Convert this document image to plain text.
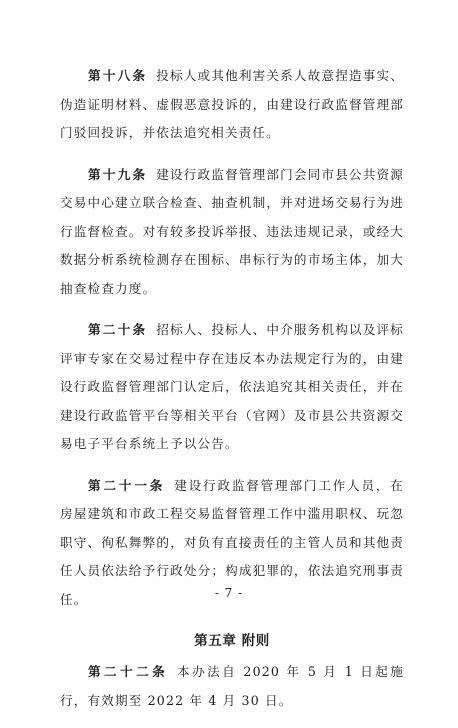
第十八条 投标人或其他利害关系人故意捏造事实、伪造证明材料、虚假恶意投诉的，由建设行政监督管理部门驳回投诉，并依法追究相关责任。

第十九条 建设行政监督管理部门会同市县公共资源交易中心建立联合检查、抽查机制，并对进场交易行为进行监督检查。对有较多投诉举报、违法违规记录，或经大数据分析系统检测存在围标、串标行为的市场主体，加大抽查检查力度。

第二十条 招标人、投标人、中介服务机构以及评标评审专家在交易过程中存在违反本办法规定行为的，由建设行政监督管理部门认定后，依法追究其相关责任，并在建设行政监管平台等相关平台（官网）及市县公共资源交易电子平台系统上予以公告。

第二十一条 建设行政监督管理部门工作人员，在房屋建筑和市政工程交易监督管理工作中滥用职权、玩忽职守、徇私舞弊的，对负有直接责任的主管人员和其他责任人员依法给予行政处分；构成犯罪的，依法追究刑事责任。

第五章 附则

第二十二条 本办法自 2020 年 5 月 1 日起施行，有效期至 2022 年 4 月 30 日。

- 7 -
